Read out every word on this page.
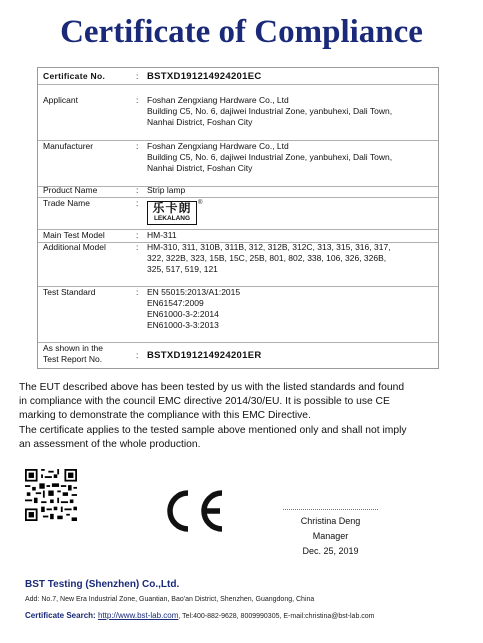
Certificate of Compliance
Certificate No.	: BSTXD191214924201EC
Applicant	: Foshan Zengxiang Hardware Co., Ltd
Building C5, No. 6, dajiwei Industrial Zone, yanbuhexi, Dali Town,
Nanhai District, Foshan City
Manufacturer	: Foshan Zengxiang Hardware Co., Ltd
Building C5, No. 6, dajiwei Industrial Zone, yanbuhexi, Dali Town,
Nanhai District, Foshan City
Product Name	: Strip lamp
Trade Name	:	乐卡朗
LEKALANG
®
Main Test Model	: HM-311
Additional Model	: HM-310, 311, 310B, 311B, 312, 312B, 312C, 313, 315, 316, 317,
322, 322B, 323, 15B, 15C, 25B, 801, 802, 338, 106, 326, 326B,
325, 517, 519, 121
Test Standard	: EN 55015:2013/A1:2015
EN61547:2009
EN61000-3-2:2014
EN61000-3-3:2013
As shown in the
Test Report No.	: BSTXD191214924201ER
The EUT described above has been tested by us with the listed standards and found
in compliance with the council EMC directive 2014/30/EU. It is possible to use CE
marking to demonstrate the compliance with this EMC Directive.
The certificate applies to the tested sample above mentioned only and shall not imply
an assessment of the whole production.
Christina Deng
Manager
Dec. 25, 2019
BST Testing (Shenzhen) Co.,Ltd.
Add: No.7, New Era Industrial Zone, Guantian, Bao'an District, Shenzhen, Guangdong, China
Certificate Search: http://www.bst-lab.com, Tel:400-882-9628, 8009990305, E-mail:christina@bst-lab.com
